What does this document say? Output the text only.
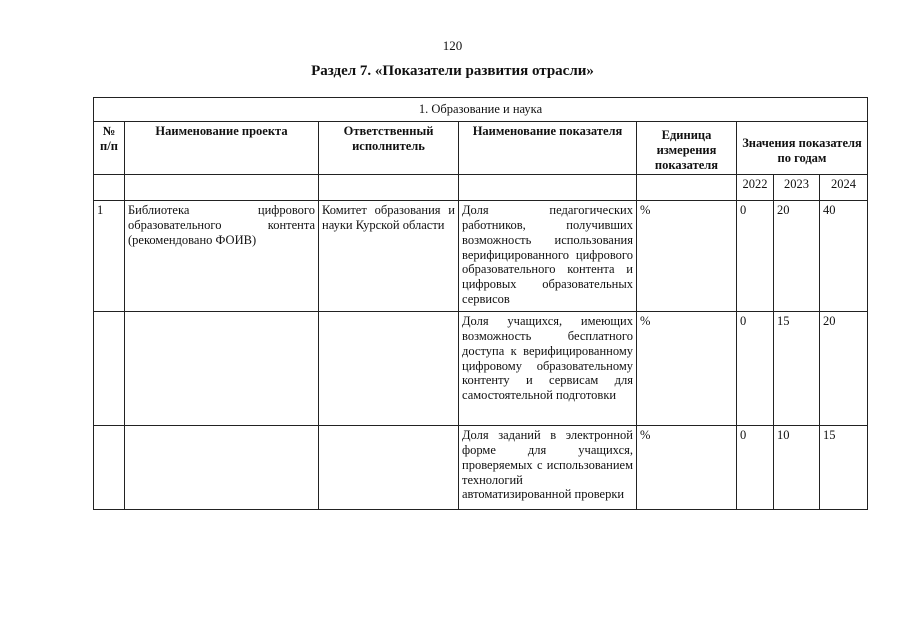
120
Раздел 7. «Показатели развития отрасли»
1. Образование и наука							
№ п/п	Наименование проекта	Ответственный исполнитель	Наименование показателя	Единица измерения показателя	Значения показателя по годам		
					2022	2023	2024
1	Библиотека цифрового образовательного контента (рекомендовано ФОИВ)	Комитет образования и науки Курской области	Доля педагогических работников, получивших возможность использования верифицированного цифрового образовательного контента и цифровых образовательных сервисов	%	0	20	40
			Доля учащихся, имеющих возможность бесплатного доступа к верифицированному цифровому образовательному контенту и сервисам для самостоятельной подготовки	%	0	15	20
			Доля заданий в электронной форме для учащихся, проверяемых с использованием технологий автоматизированной проверки	%	0	10	15
